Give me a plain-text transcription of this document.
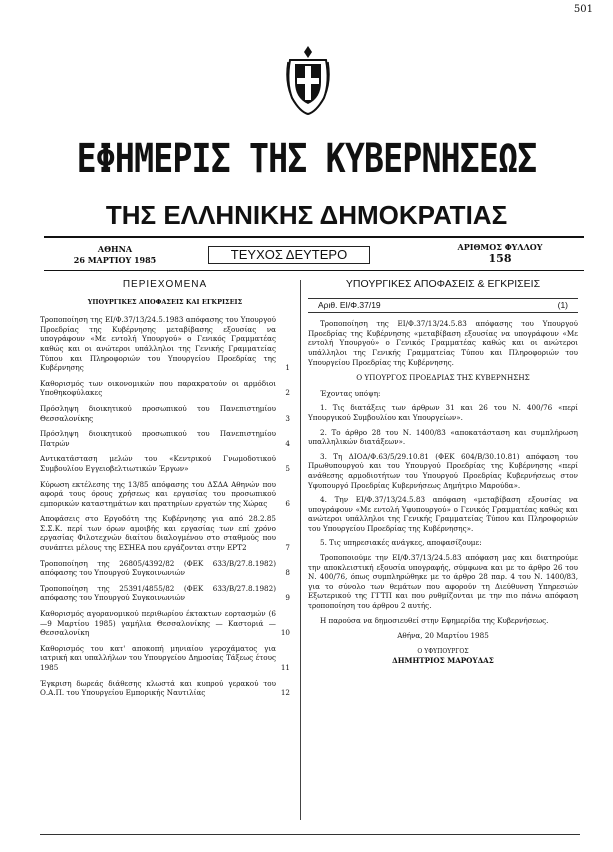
501
ΕΦΗΜΕΡΙΣ ΤΗΣ ΚΥΒΕΡΝΗΣΕΩΣ
ΤΗΣ ΕΛΛΗΝΙΚΗΣ ΔΗΜΟΚΡΑΤΙΑΣ
ΑΘΗΝΑ
26 ΜΑΡΤΙΟΥ 1985	ΤΕΥΧΟΣ ΔΕΥΤΕΡΟ	ΑΡΙΘΜΟΣ ΦΥΛΛΟΥ
158
ΠΕΡΙΕΧΟΜΕΝΑ
ΥΠΟΥΡΓΙΚΕΣ ΑΠΟΦΑΣΕΙΣ ΚΑΙ ΕΓΚΡΙΣΕΙΣ
Τροποποίηση της ΕΙ/Φ.37/13/24.5.1983 απόφασης του Υπουργού Προεδρίας της Κυβέρνησης μεταβίβασης εξουσίας να υπογράφουν «Με εντολή Υπουργού» ο Γενικός Γραμματέας καθώς και οι ανώτεροι υπάλληλοι της Γενικής Γραμματείας Τύπου και Πληροφοριών του Υπουργείου Προεδρίας της Κυβέρνησης	1
Καθορισμός των οικονομικών που παρακρατούν οι αρμόδιοι Υποθηκοφύλακες	2
Πρόσληψη διοικητικού προσωπικού του Πανεπιστημίου Θεσσαλονίκης	3
Πρόσληψη διοικητικού προσωπικού του Πανεπιστημίου Πατρών	4
Αντικατάσταση μελών του «Κεντρικού Γνωμοδοτικού Συμβουλίου Εγγειοβελτιωτικών Έργων»	5
Κύρωση εκτέλεσης της 13/85 απόφασης του ΔΣΔΑ Αθηνών που αφορά τους όρους χρήσεως και εργασίας του προσωπικού εμπορικών καταστημάτων και πρατηρίων εργατών της Χώρας	6
Αποφάσεις στο Εργοδότη της Κυβέρνησης για από 28.2.85 Σ.Σ.Κ. περί των όρων αμοιβής και εργασίας των επί χρόνο εργασίας Φιλοτεχνών διαίτου διαλογμένου στο σταθμούς που συνάπτει μέλους της ΕΣΗΕΑ που εργάζονται στην ΕΡΤ2	7
Τροποποίηση της 26805/4392/82 (ΦΕΚ 633/Β/27.8.1982) απόφασης του Υπουργού Συγκοινωνιών	8
Τροποποίηση της 25391/4855/82 (ΦΕΚ 633/Β/27.8.1982) απόφασης του Υπουργού Συγκοινωνιών	9
Καθορισμός αγορανομικού περιθωρίου έκτακτων εορτασμών (6—9 Μαρτίου 1985) γαμήλια Θεσσαλονίκης — Καστοριά — Θεσσαλονίκη	10
Καθορισμός του κατ' αποκοπή μηνιαίου γεροχάματος για ιατρική και υπαλλήλων του Υπουργείου Δημοσίας Τάξεως έτους 1985	11
Έγκριση δωρεάς διάθεσης κλωστά και κυπρού γερακού του Ο.Α.Π. του Υπουργείου Εμπορικής Ναυτιλίας	12
ΥΠΟΥΡΓΙΚΕΣ ΑΠΟΦΑΣΕΙΣ & ΕΓΚΡΙΣΕΙΣ
Αριθ. ΕΙ/Φ.37/19	(1)
Τροποποίηση της ΕΙ/Φ.37/13/24.5.83 απόφασης του Υπουργού Προεδρίας της Κυβέρνησης «μεταβίβαση εξουσίας να υπογράφουν «Με εντολή Υπουργού» ο Γενικός Γραμματέας καθώς και οι ανώτεροι υπάλληλοι της Γενικής Γραμματείας Τύπου και Πληροφοριών του Υπουργείου Προεδρίας της Κυβέρνησης.
Ο ΥΠΟΥΡΓΟΣ ΠΡΟΕΔΡΙΑΣ ΤΗΣ ΚΥΒΕΡΝΗΣΗΣ
Έχοντας υπόψη:
1. Τις διατάξεις των άρθρων 31 και 26 του Ν. 400/76 «περί Υπουργικού Συμβουλίου και Υπουργείων».
2. Το άρθρο 28 του Ν. 1400/83 «αποκατάσταση και συμπλήρωση υπαλληλικών διατάξεων».
3. Τη ΔΙΟΔ/Φ.63/5/29.10.81 (ΦΕΚ 604/Β/30.10.81) απόφαση του Πρωθυπουργού και του Υπουργού Προεδρίας της Κυβέρνησης «περί ανάθεσης αρμοδιοτήτων του Υπουργού Προεδρίας Κυβερνήσεως στον Υφυπουργό Προεδρίας Κυβερνήσεως Δημήτριο Μαρούδα».
4. Την ΕΙ/Φ.37/13/24.5.83 απόφαση «μεταβίβαση εξουσίας να υπογράφουν «Με εντολή Υφυπουργού» ο Γενικός Γραμματέας καθώς και ανώτεροι υπάλληλοι της Γενικής Γραμματείας Τύπου και Πληροφοριών του Υπουργείου Προεδρίας της Κυβέρνησης».
5. Τις υπηρεσιακές ανάγκες, αποφασίζουμε:
Τροποποιούμε την ΕΙ/Φ.37/13/24.5.83 απόφαση μας και διατηρούμε την αποκλειστική εξουσία υπογραφής, σύμφωνα και με το άρθρο 26 του Ν. 400/76, όπως συμπληρώθηκε με το άρθρο 28 παρ. 4 του Ν. 1400/83, για το σύνολο των θεμάτων που αφορούν τη Διεύθυνση Υπηρεσιών Εξωτερικού της ΓΓΤΠ και που ρυθμίζονται με την πιο πάνω απόφαση τροποποίηση του άρθρου 2 αυτής.
Η παρούσα να δημοσιευθεί στην Εφημερίδα της Κυβερνήσεως.
Αθήνα, 20 Μαρτίου 1985
Ο ΥΦΥΠΟΥΡΓΟΣ
ΔΗΜΗΤΡΙΟΣ ΜΑΡΟΥΔΑΣ
